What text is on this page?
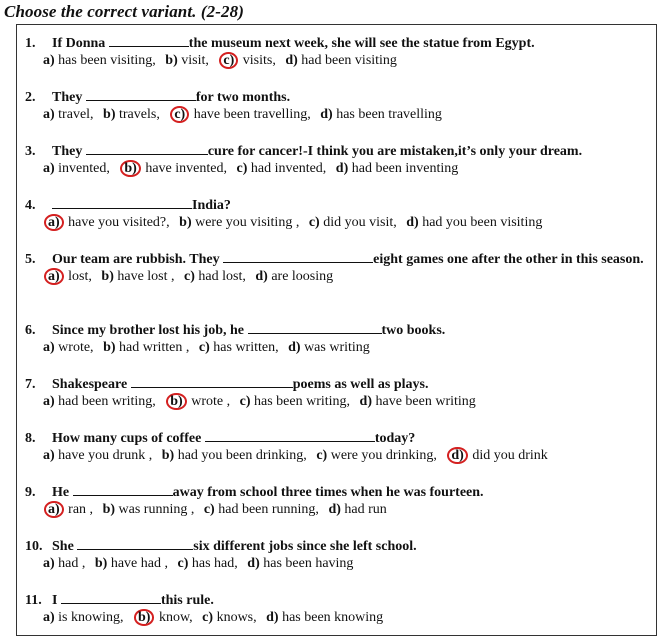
Choose the correct variant. (2-28)
1. If Donna	the museum next week, she will see the statue from Egypt.
a) has been visiting, b) visit, c) visits, d) had been visiting
2. They	for two months.
a) travel, b) travels, c) have been travelling, d) has been travelling
3. They	cure for cancer!-I think you are mistaken,it’s only your dream.
a) invented, b) have invented, c) had invented, d) had been inventing
4.	India?
a) have you visited?, b) were you visiting , c) did you visit, d) had you been visiting
5. Our team are rubbish. They	eight games one after the other in this season.
a) lost, b) have lost , c) had lost, d) are loosing
6. Since my brother lost his job, he	two books.
a) wrote, b) had written , c) has written, d) was writing
7. Shakespeare	poems as well as plays.
a) had been writing, b) wrote , c) has been writing, d) have been writing
8. How many cups of coffee	today?
a) have you drunk , b) had you been drinking, c) were you drinking, d) did you drink
9. He	away from school three times when he was fourteen.
a) ran , b) was running , c) had been running, d) had run
10. She	six different jobs since she left school.
a) had , b) have had , c) has had, d) has been having
11. I	this rule.
a) is knowing, b) know, c) knows, d) has been knowing
